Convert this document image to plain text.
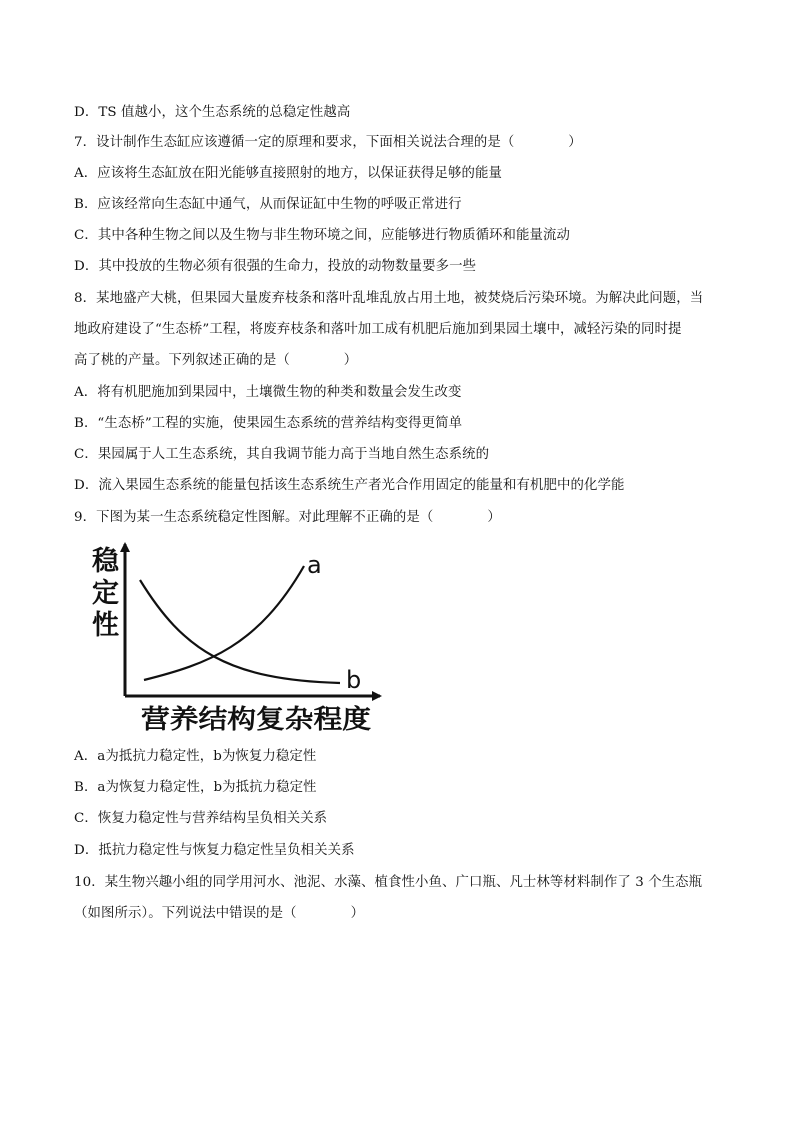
D．TS 值越小，这个生态系统的总稳定性越高
7．设计制作生态缸应该遵循一定的原理和要求，下面相关说法合理的是（　　　　）
A．应该将生态缸放在阳光能够直接照射的地方，以保证获得足够的能量
B．应该经常向生态缸中通气，从而保证缸中生物的呼吸正常进行
C．其中各种生物之间以及生物与非生物环境之间，应能够进行物质循环和能量流动
D．其中投放的生物必须有很强的生命力，投放的动物数量要多一些
8．某地盛产大桃，但果园大量废弃枝条和落叶乱堆乱放占用土地，被焚烧后污染环境。为解决此问题，当
地政府建设了“生态桥”工程，将废弃枝条和落叶加工成有机肥后施加到果园土壤中，减轻污染的同时提
高了桃的产量。下列叙述正确的是（　　　　）
A．将有机肥施加到果园中，土壤微生物的种类和数量会发生改变
B．“生态桥”工程的实施，使果园生态系统的营养结构变得更简单
C．果园属于人工生态系统，其自我调节能力高于当地自然生态系统的
D．流入果园生态系统的能量包括该生态系统生产者光合作用固定的能量和有机肥中的化学能
9．下图为某一生态系统稳定性图解。对此理解不正确的是（　　　　）
稳
定
性
a
b
营养结构复杂程度
A．a为抵抗力稳定性，b为恢复力稳定性
B．a为恢复力稳定性，b为抵抗力稳定性
C．恢复力稳定性与营养结构呈负相关关系
D．抵抗力稳定性与恢复力稳定性呈负相关关系
10．某生物兴趣小组的同学用河水、池泥、水藻、植食性小鱼、广口瓶、凡士林等材料制作了 3 个生态瓶
（如图所示）。下列说法中错误的是（　　　　）
